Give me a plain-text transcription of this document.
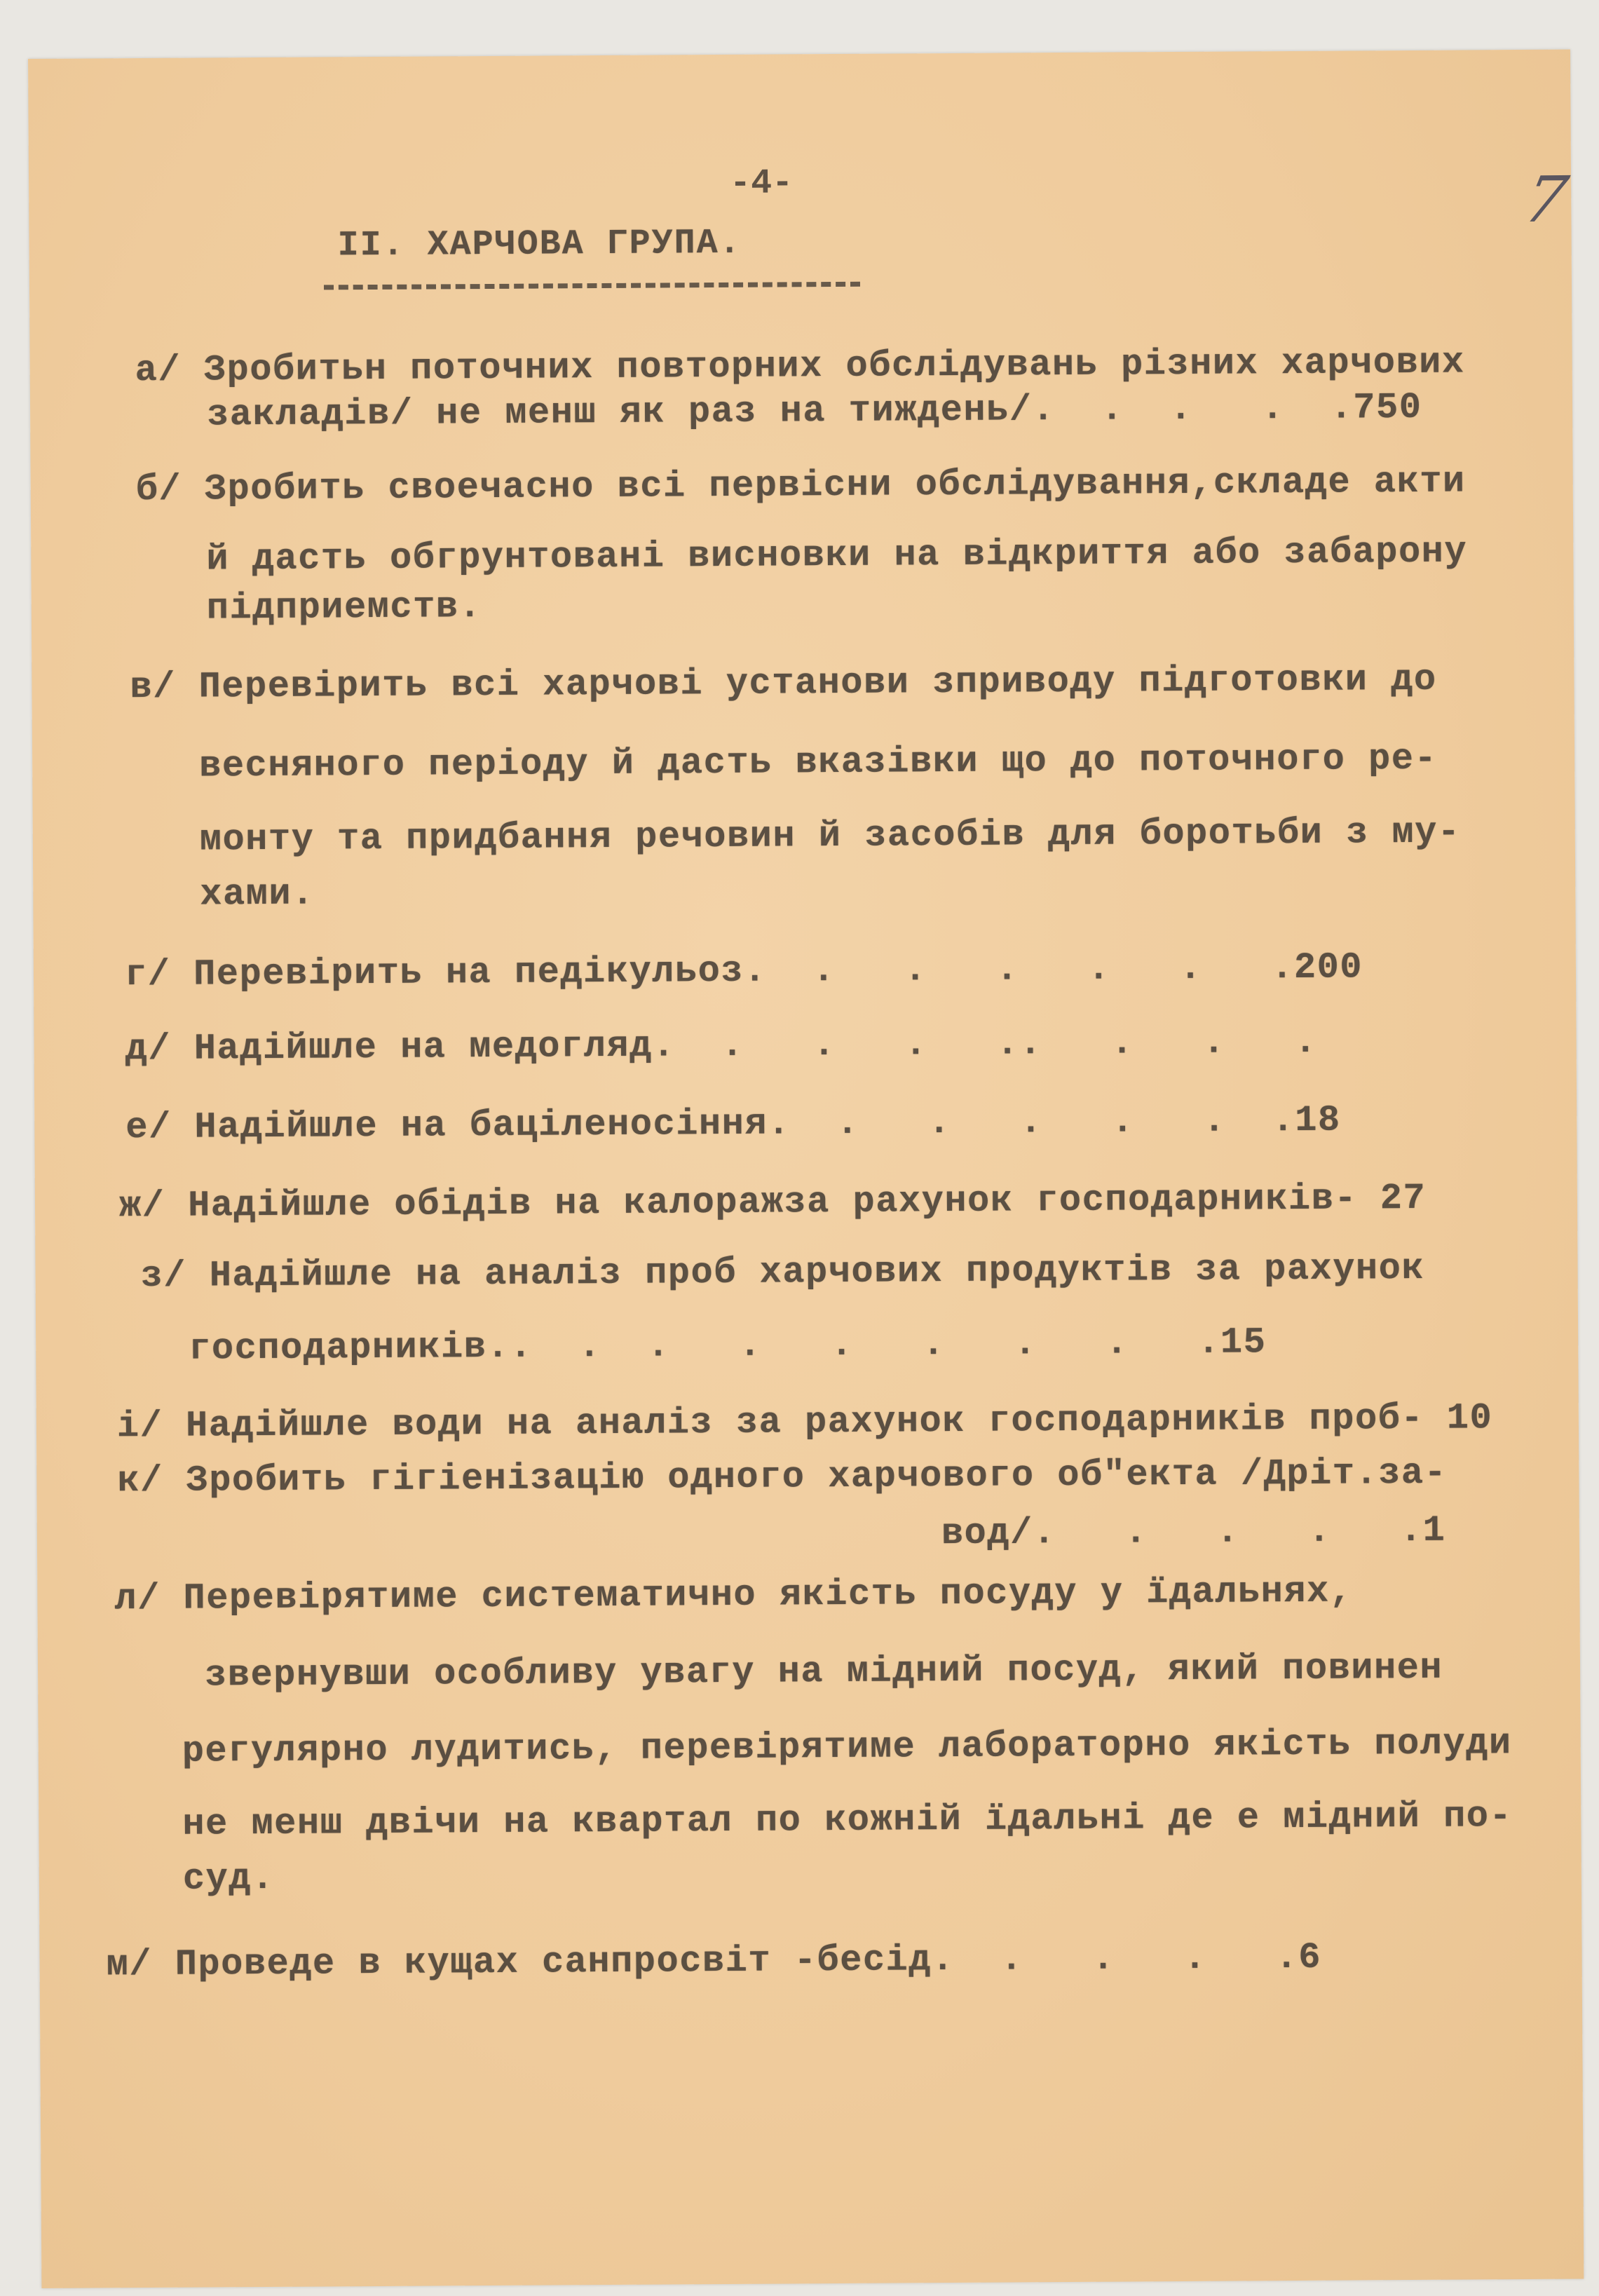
-4-	7
II. ХАРЧОВА ГРУПА.
а/ Зробитьн поточних повторних обслідувань різних харчових
закладів/ не менш як раз на тиждень/.  .  .   .  .750
б/ Зробить своечасно всі первісни обслідування,складе акти
й дасть обгрунтовані висновки на відкриття або забарону
підприемств.
в/ Перевірить всі харчові установи зприводу підготовки до
весняного періоду й дасть вказівки що до поточного ре-
монту та придбання речовин й засобів для боротьби з му-
хами.
г/ Перевірить на педікульоз.  .   .   .   .   .   .200
д/ Надійшле на медогляд.  .   .   .   ..   .   .   .
е/ Надійшле на баціленосіння.  .   .   .   .   .  .18
ж/ Надійшле обідів на калоражза рахунок господарників- 27
з/ Надійшле на аналіз проб харчових продуктів за рахунок
господарників..  .  .   .   .   .   .   .   .15
і/ Надійшле води на аналіз за рахунок господарників проб- 10
к/ Зробить гігіенізацію одного харчового об"екта /Дріт.за-
вод/.   .   .   .   .1
л/ Перевірятиме систематично якість посуду у їдальнях,
звернувши особливу увагу на мідний посуд, який повинен
регулярно лудитись, перевірятиме лабораторно якість полуди
не менш двічи на квартал по кожній їдальні де е мідний по-
суд.
м/ Проведе в кущах санпросвіт -бесід.  .   .   .   .6
